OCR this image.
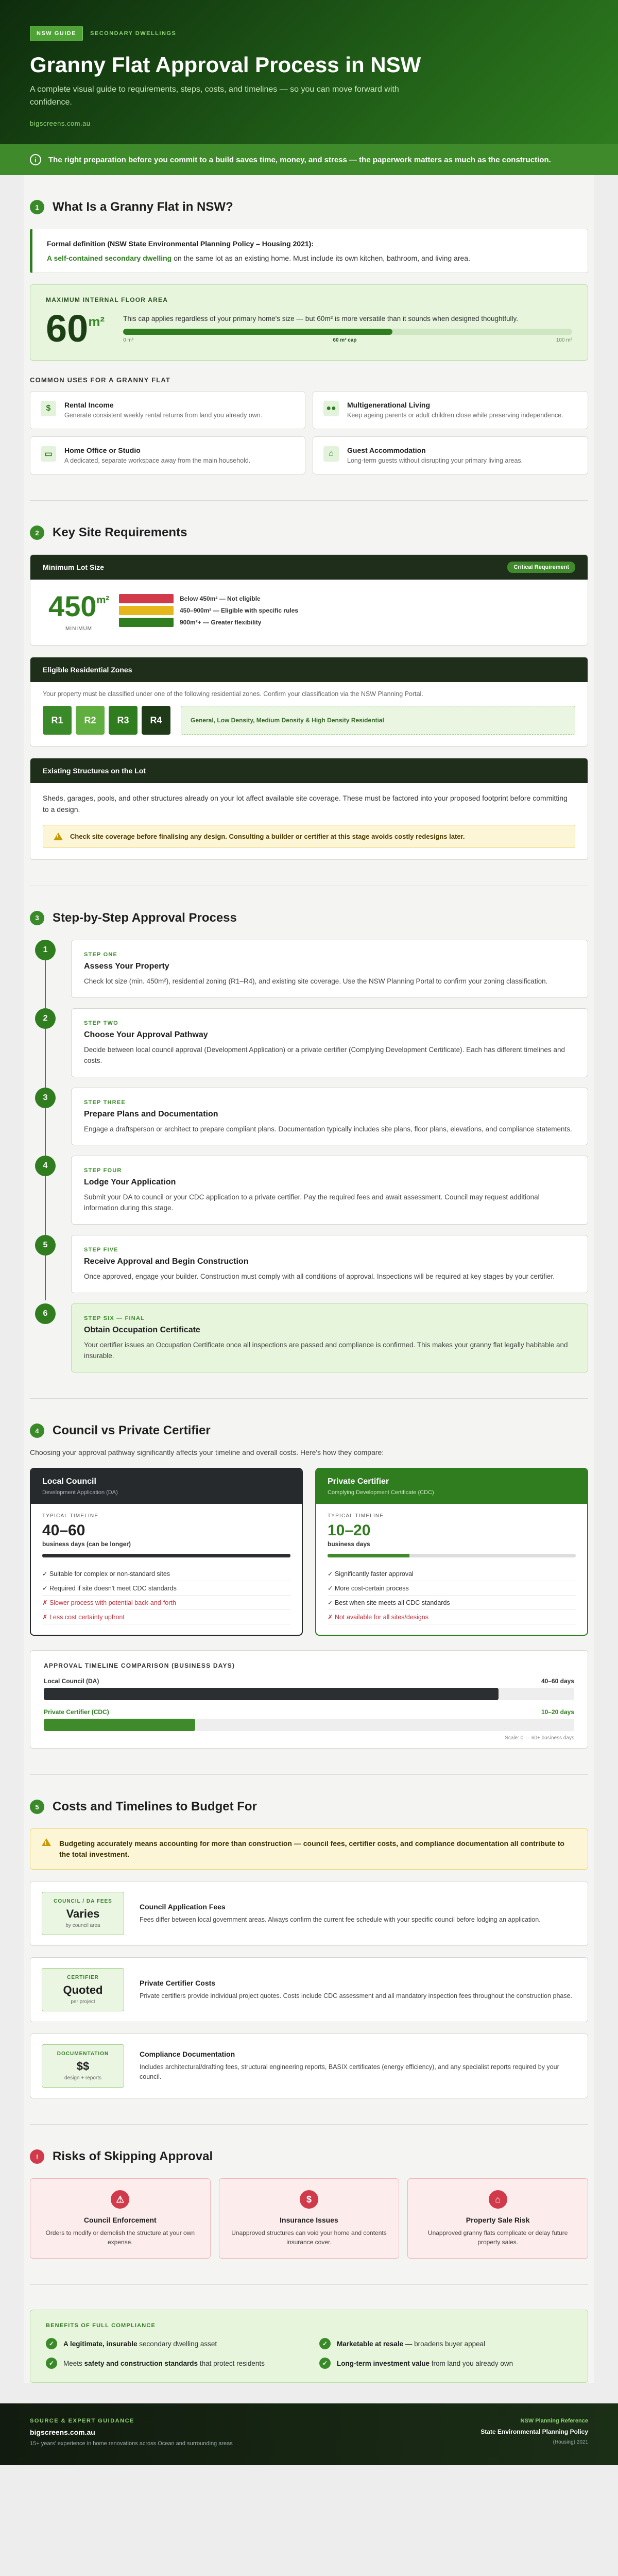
NSW GUIDE	SECONDARY DWELLINGS
Granny Flat Approval Process in NSW

A complete visual guide to requirements, steps, costs, and timelines — so you can move forward with confidence.

bigscreens.com.au

i	The right preparation before you commit to a build saves time, money, and stress — the paperwork matters as much as the construction.
1	What Is a Granny Flat in NSW?
Formal definition (NSW State Environmental Planning Policy – Housing 2021):
A self-contained secondary dwelling on the same lot as an existing home. Must include its own kitchen, bathroom, and living area.
MAXIMUM INTERNAL FLOOR AREA
$60^{m^2}$	This cap applies regardless of your primary home's size — but 60m² is more versatile than it sounds when designed thoughtfully.
0 m²	60 m² cap	100 m²
COMMON USES FOR A GRANNY FLAT
$	Rental Income
Generate consistent weekly rental returns from land you already own.
●●	Multigenerational Living
Keep ageing parents or adult children close while preserving independence.
▭	Home Office or Studio
A dedicated, separate workspace away from the main household.
⌂	Guest Accommodation
Long-term guests without disrupting your primary living areas.
2	Key Site Requirements
Minimum Lot Size	Critical Requirement
$450^{m^2}$
MINIMUM
Below 450m² — Not eligible
450–900m² — Eligible with specific rules
900m²+ — Greater flexibility
Eligible Residential Zones
Your property must be classified under one of the following residential zones. Confirm your classification via the NSW Planning Portal.
R1	R2	R3	R4	General, Low Density, Medium Density & High Density Residential
Existing Structures on the Lot
Sheds, garages, pools, and other structures already on your lot affect available site coverage. These must be factored into your proposed footprint before committing to a design.
! Check site coverage before finalising any design. Consulting a builder or certifier at this stage avoids costly redesigns later.
3	Step-by-Step Approval Process
1
STEP ONE
Assess Your Property
Check lot size (min. 450m²), residential zoning (R1–R4), and existing site coverage. Use the NSW Planning Portal to confirm your zoning classification.
2
STEP TWO
Choose Your Approval Pathway
Decide between local council approval (Development Application) or a private certifier (Complying Development Certificate). Each has different timelines and costs.
3
STEP THREE
Prepare Plans and Documentation
Engage a draftsperson or architect to prepare compliant plans. Documentation typically includes site plans, floor plans, elevations, and compliance statements.
4
STEP FOUR
Lodge Your Application
Submit your DA to council or your CDC application to a private certifier. Pay the required fees and await assessment. Council may request additional information during this stage.
5
STEP FIVE
Receive Approval and Begin Construction
Once approved, engage your builder. Construction must comply with all conditions of approval. Inspections will be required at key stages by your certifier.
6
STEP SIX — FINAL
Obtain Occupation Certificate
Your certifier issues an Occupation Certificate once all inspections are passed and compliance is confirmed. This makes your granny flat legally habitable and insurable.
4	Council vs Private Certifier

Choosing your approval pathway significantly affects your timeline and overall costs. Here's how they compare:

Local Council
Development Application (DA)
TYPICAL TIMELINE
40–60
business days (can be longer)
✓ Suitable for complex or non-standard sites
✓ Required if site doesn't meet CDC standards
✗ Slower process with potential back-and-forth
✗ Less cost certainty upfront
Private Certifier
Complying Development Certificate (CDC)
TYPICAL TIMELINE
10–20
business days
✓ Significantly faster approval
✓ More cost-certain process
✓ Best when site meets all CDC standards
✗ Not available for all sites/designs
APPROVAL TIMELINE COMPARISON (BUSINESS DAYS)
Local Council (DA)	40–60 days
Private Certifier (CDC)	10–20 days
Scale: 0 — 60+ business days
5	Costs and Timelines to Budget For
! Budgeting accurately means accounting for more than construction — council fees, certifier costs, and compliance documentation all contribute to the total investment.
COUNCIL / DA FEES
Varies
by council area
Council Application Fees
Fees differ between local government areas. Always confirm the current fee schedule with your specific council before lodging an application.
CERTIFIER
Quoted
per project
Private Certifier Costs
Private certifiers provide individual project quotes. Costs include CDC assessment and all mandatory inspection fees throughout the construction phase.
DOCUMENTATION
$$
design + reports
Compliance Documentation
Includes architectural/drafting fees, structural engineering reports, BASIX certificates (energy efficiency), and any specialist reports required by your council.
!	Risks of Skipping Approval
⚠
Council Enforcement
Orders to modify or demolish the structure at your own expense.
$
Insurance Issues
Unapproved structures can void your home and contents insurance cover.
⌂
Property Sale Risk
Unapproved granny flats complicate or delay future property sales.
BENEFITS OF FULL COMPLIANCE
✓	A legitimate, insurable secondary dwelling asset	✓	Marketable at resale — broadens buyer appeal
✓	Meets safety and construction standards that protect residents	✓	Long-term investment value from land you already own
SOURCE & EXPERT GUIDANCE
bigscreens.com.au
15+ years' experience in home renovations across Ocean and surrounding areas
NSW Planning Reference
State Environmental Planning Policy
(Housing) 2021
